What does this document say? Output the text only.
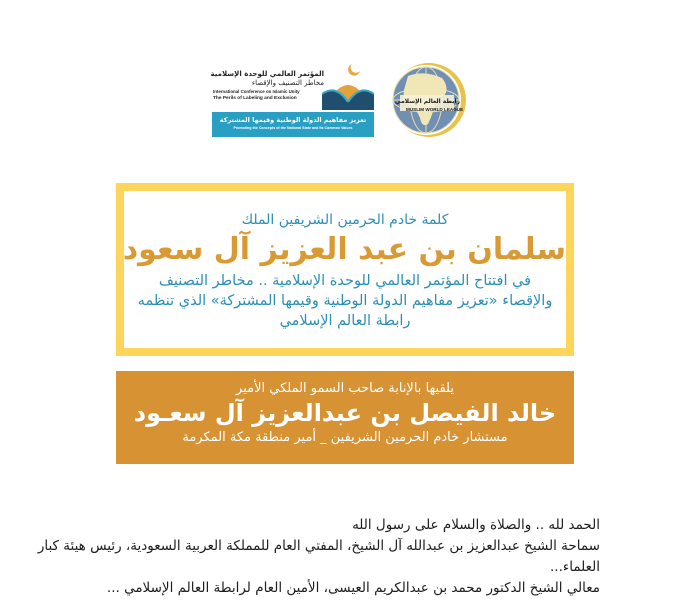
المؤتمر العالمي للوحدة الإسلامية
مخاطر التصنيف والإقصاء
International Conference on Islamic Unity
The Perils of Labeling and Exclusion
تعزيز مفاهيم الدولة الوطنية وقيمها المشتركة
Promoting the Concepts of the National State and Its Common Values
رابطة العالم الإسلامي
MUSLIM WORLD LEAGUE
كلمة خادم الحرمين الشريفين الملك
سلمان بن عبد العزيز آل سعود
في افتتاح المؤتمر العالمي للوحدة الإسلامية .. مخاطر التصنيف والإقصاء «تعزيز مفاهيم الدولة الوطنية وقيمها المشتركة» الذي تنظمه رابطة العالم الإسلامي
يلقيها بالإنابة صاحب السمو الملكي الأمير
خالد الفيصل بن عبدالعزيز آل سعـود
مستشار خادم الحرمين الشريفين _ أمير منطقة مكة المكرمة

الحمد لله .. والصلاة والسلام على رسول الله

سماحة الشيخ عبدالعزيز بن عبدالله آل الشيخ، المفتي العام للمملكة العربية السعودية، رئيس هيئة كبار العلماء...

معالي الشيخ الدكتور محمد بن عبدالكريم العيسى، الأمين العام لرابطة العالم الإسلامي ...
